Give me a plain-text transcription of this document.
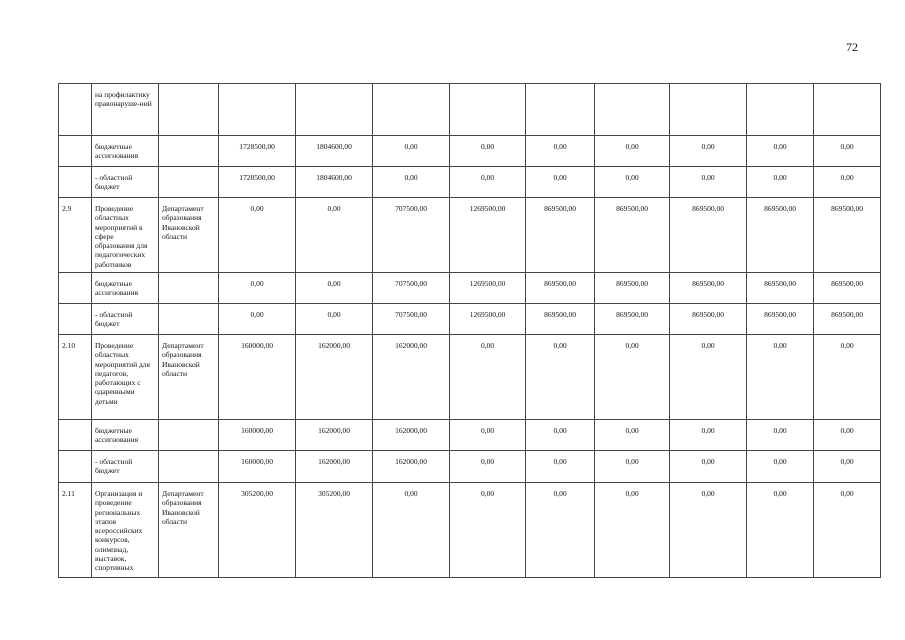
72
	на профилактику правонаруше-ний										
	бюджетные ассигнования		1728500,00	1804600,00	0,00	0,00	0,00	0,00	0,00	0,00	0,00
	- областной бюджет		1728500,00	1804600,00	0,00	0,00	0,00	0,00	0,00	0,00	0,00
2.9	Проведение областных мероприятий в сфере образования для педагогических работников	Департамент образования Ивановской области	0,00	0,00	707500,00	1269500,00	869500,00	869500,00	869500,00	869500,00	869500,00
	бюджетные ассигнования		0,00	0,00	707500,00	1269500,00	869500,00	869500,00	869500,00	869500,00	869500,00
	- областной бюджет		0,00	0,00	707500,00	1269500,00	869500,00	869500,00	869500,00	869500,00	869500,00
2.10	Проведение областных мероприятий для педагогов, работающих с одаренными детьми	Департамент образования Ивановской области	160000,00	162000,00	162000,00	0,00	0,00	0,00	0,00	0,00	0,00
	бюджетные ассигнования		160000,00	162000,00	162000,00	0,00	0,00	0,00	0,00	0,00	0,00
	- областной бюджет		160000,00	162000,00	162000,00	0,00	0,00	0,00	0,00	0,00	0,00
2.11	Организация и проведение региональных этапов всероссийских конкурсов, олимпиад, выставок, спортивных	Департамент образования Ивановской области	305200,00	305200,00	0,00	0,00	0,00	0,00	0,00	0,00	0,00
